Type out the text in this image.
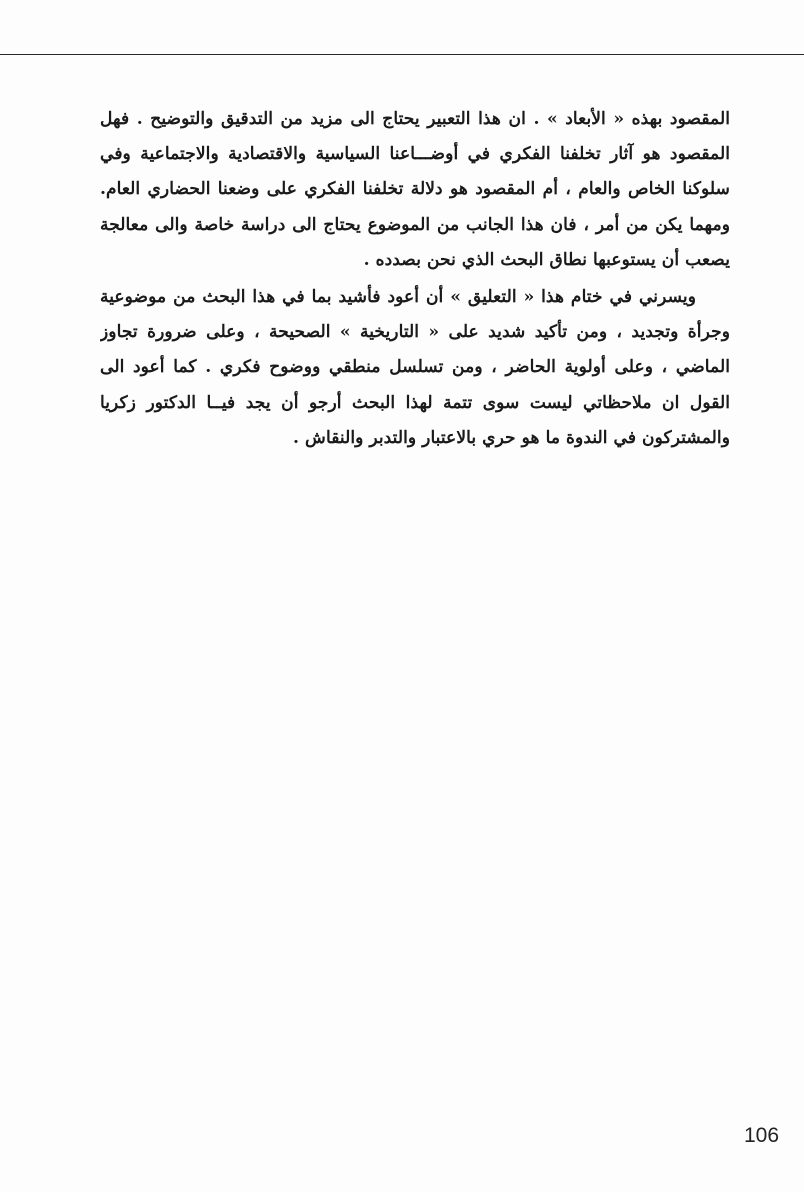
المقصود بهذه « الأبعاد » . ان هذا التعبير يحتاج الى مزيد من التدقيق والتوضيح . فهل
المقصود هو آثار تخلفنا الفكري في أوضـــاعنا السياسية والاقتصادية والاجتماعية وفي
سلوكنا الخاص والعام ، أم المقصود هو دلالة تخلفنا الفكري على وضعنا الحضاري العام.
ومهما يكن من أمر ، فان هذا الجانب من الموضوع يحتاج الى دراسة خاصة والى معالجة
يصعب أن يستوعبها نطاق البحث الذي نحن بصدده .
ويسرني في ختام هذا « التعليق » أن أعود فأشيد بما في هذا البحث من موضوعية
وجرأة وتجديد ، ومن تأكيد شديد على « التاريخية » الصحيحة ، وعلى ضرورة تجاوز
الماضي ، وعلى أولوية الحاضر ، ومن تسلسل منطقي ووضوح فكري . كما أعود الى
القول ان ملاحظاتي ليست سوى تتمة لهذا البحث أرجو أن يجد فيــا الدكتور زكريا
والمشتركون في الندوة ما هو حري بالاعتبار والتدبر والنقاش .
106
